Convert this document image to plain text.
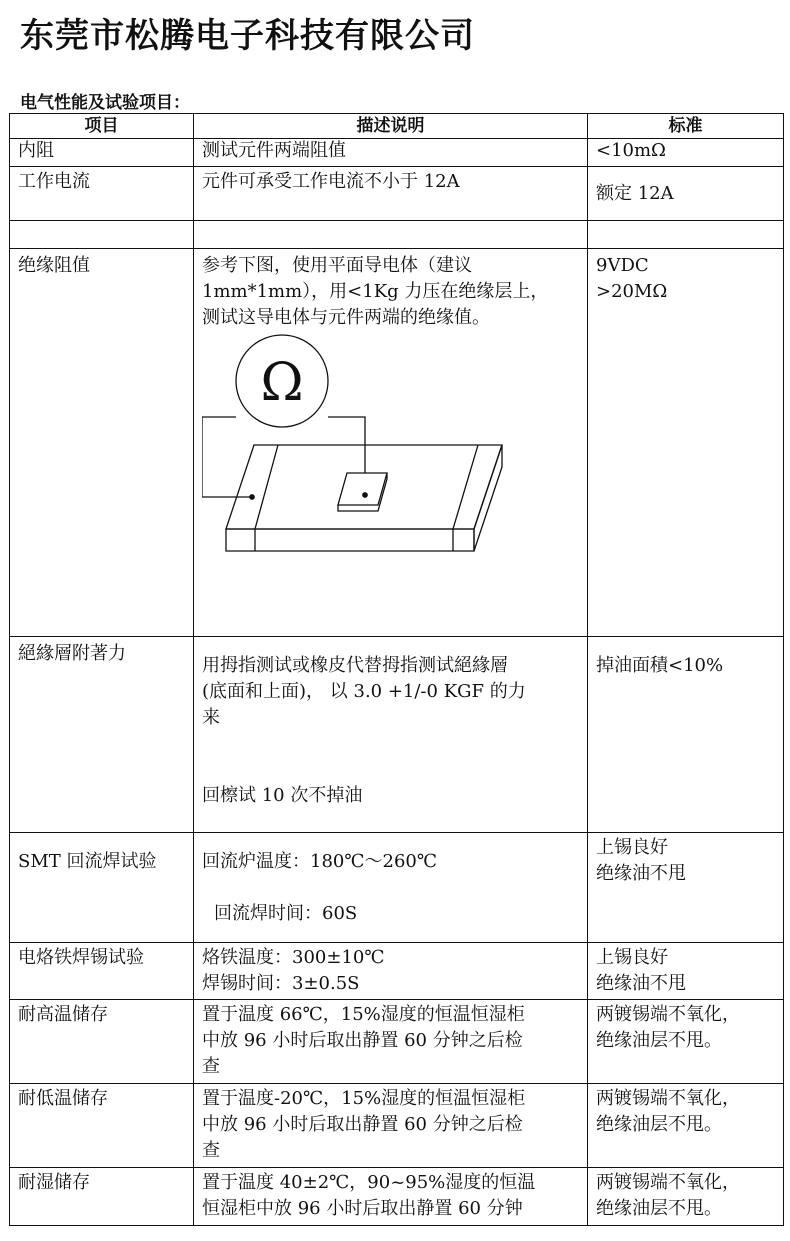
东莞市松腾电子科技有限公司
电气性能及试验项目：
项目	描述说明	标准
内阻	测试元件两端阻值	<10mΩ

工作电流	元件可承受工作电流不小于 12A	额定 12A

绝缘阻值	参考下图，使用平面导电体（建议
1mm*1mm），用<1Kg 力压在绝缘层上，
测试这导电体与元件两端的绝缘值。
Ω	9VDC
>20MΩ

絕緣層附著力	用拇指测试或橡皮代替拇指测试絕緣層
(底面和上面)， 以 3.0 +1/-0 KGF 的力
来
回檫试 10 次不掉油	掉油面積<10%

SMT 回流焊试验	回流炉温度：180℃～260℃
回流焊时间：60S	上锡良好
绝缘油不甩

电烙铁焊锡试验	烙铁温度：300±10℃
焊锡时间：3±0.5S	上锡良好
绝缘油不甩

耐高温储存	置于温度 66℃，15%湿度的恒温恒湿柜
中放 96 小时后取出静置 60 分钟之后检
查	两镀锡端不氧化，
绝缘油层不甩。

耐低温储存	置于温度-20℃，15%湿度的恒温恒湿柜
中放 96 小时后取出静置 60 分钟之后检
查	两镀锡端不氧化，
绝缘油层不甩。

耐湿储存	置于温度 40±2℃，90~95%湿度的恒温
恒湿柜中放 96 小时后取出静置 60 分钟	两镀锡端不氧化，
绝缘油层不甩。
